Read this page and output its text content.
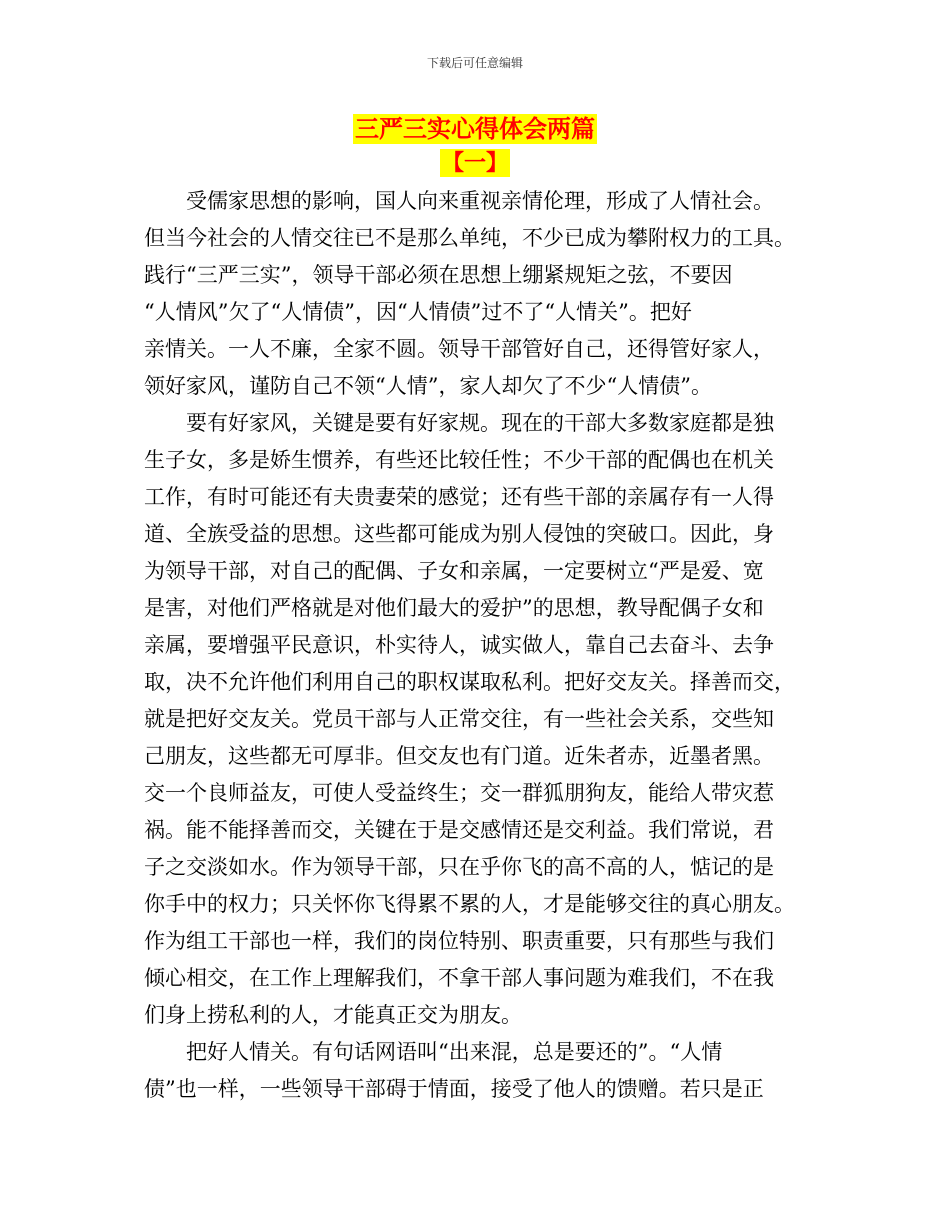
下载后可任意编辑
三严三实心得体会两篇
【一】
　　受儒家思想的影响，国人向来重视亲情伦理，形成了人情社会。
但当今社会的人情交往已不是那么单纯，不少已成为攀附权力的工具。
践行“三严三实”，领导干部必须在思想上绷紧规矩之弦，不要因
“人情风”欠了“人情债”，因“人情债”过不了“人情关”。把好
亲情关。一人不廉，全家不圆。领导干部管好自己，还得管好家人，
领好家风，谨防自己不领“人情”，家人却欠了不少“人情债”。
　　要有好家风，关键是要有好家规。现在的干部大多数家庭都是独
生子女，多是娇生惯养，有些还比较任性；不少干部的配偶也在机关
工作，有时可能还有夫贵妻荣的感觉；还有些干部的亲属存有一人得
道、全族受益的思想。这些都可能成为别人侵蚀的突破口。因此，身
为领导干部，对自己的配偶、子女和亲属，一定要树立“严是爱、宽
是害，对他们严格就是对他们最大的爱护”的思想，教导配偶子女和
亲属，要增强平民意识，朴实待人，诚实做人，靠自己去奋斗、去争
取，决不允许他们利用自己的职权谋取私利。把好交友关。择善而交，
就是把好交友关。党员干部与人正常交往，有一些社会关系，交些知
己朋友，这些都无可厚非。但交友也有门道。近朱者赤，近墨者黑。
交一个良师益友，可使人受益终生；交一群狐朋狗友，能给人带灾惹
祸。能不能择善而交，关键在于是交感情还是交利益。我们常说，君
子之交淡如水。作为领导干部，只在乎你飞的高不高的人，惦记的是
你手中的权力；只关怀你飞得累不累的人，才是能够交往的真心朋友。
作为组工干部也一样，我们的岗位特别、职责重要，只有那些与我们
倾心相交，在工作上理解我们，不拿干部人事问题为难我们，不在我
们身上捞私利的人，才能真正交为朋友。
　　把好人情关。有句话网语叫“出来混，总是要还的”。“人情
债”也一样，一些领导干部碍于情面，接受了他人的馈赠。若只是正
